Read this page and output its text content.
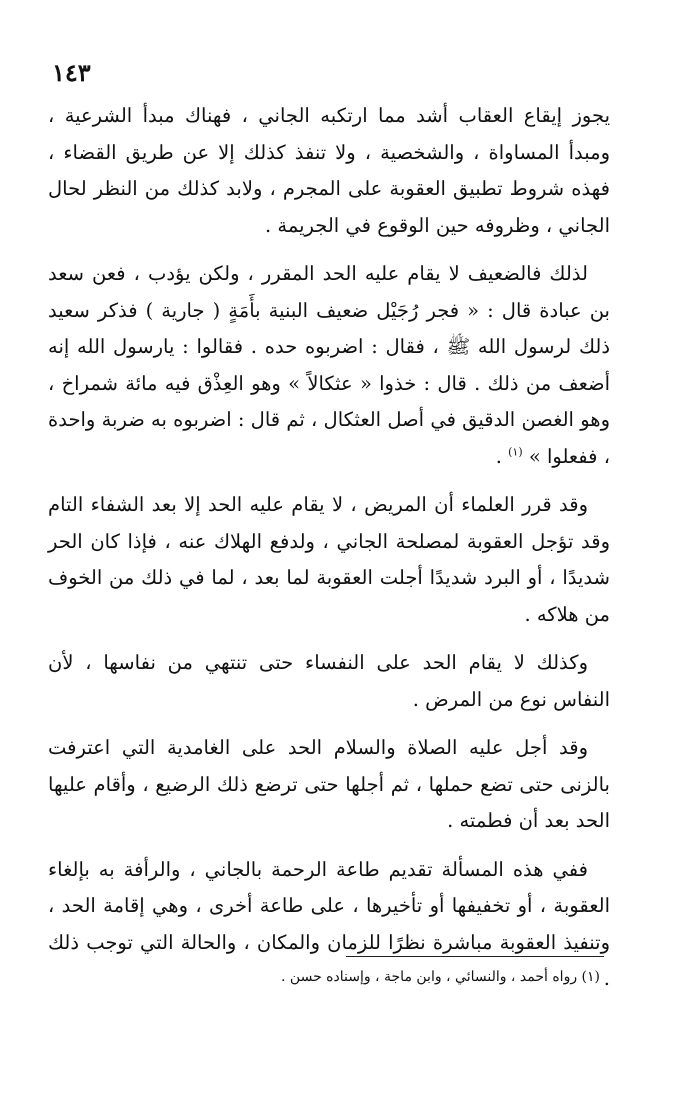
١٤٣

يجوز إيقاع العقاب أشد مما ارتكبه الجاني ، فهناك مبدأ الشرعية ، ومبدأ المساواة ، والشخصية ، ولا تنفذ كذلك إلا عن طريق القضاء ، فهذه شروط تطبيق العقوبة على المجرم ، ولابد كذلك من النظر لحال الجاني ، وظروفه حين الوقوع في الجريمة .

لذلك فالضعيف لا يقام عليه الحد المقرر ، ولكن يؤدب ، فعن سعد بن عبادة قال : « فجر رُجَيْل ضعيف البنية بأَمَةٍ ( جارية ) فذكر سعيد ذلك لرسول الله ﷺ ، فقال : اضربوه حده . فقالوا : يارسول الله إنه أضعف من ذلك . قال : خذوا « عثكالاً » وهو العِذْق فيه مائة شمراخ ، وهو الغصن الدقيق في أصل العثكال ، ثم قال : اضربوه به ضربة واحدة ، ففعلوا » $^{(١)}$ .

وقد قرر العلماء أن المريض ، لا يقام عليه الحد إلا بعد الشفاء التام وقد تؤجل العقوبة لمصلحة الجاني ، ولدفع الهلاك عنه ، فإذا كان الحر شديدًا ، أو البرد شديدًا أجلت العقوبة لما بعد ، لما في ذلك من الخوف من هلاكه .

وكذلك لا يقام الحد على النفساء حتى تنتهي من نفاسها ، لأن النفاس نوع من المرض .

وقد أجل عليه الصلاة والسلام الحد على الغامدية التي اعترفت بالزنى حتى تضع حملها ، ثم أجلها حتى ترضع ذلك الرضيع ، وأقام عليها الحد بعد أن فطمته .

ففي هذه المسألة تقديم طاعة الرحمة بالجاني ، والرأفة به بإلغاء العقوبة ، أو تخفيفها أو تأخيرها ، على طاعة أخرى ، وهي إقامة الحد ، وتنفيذ العقوبة مباشرة نظرًا للزمان والمكان ، والحالة التي توجب ذلك .

(١) رواه أحمد ، والنسائي ، وابن ماجة ، وإسناده حسن .
